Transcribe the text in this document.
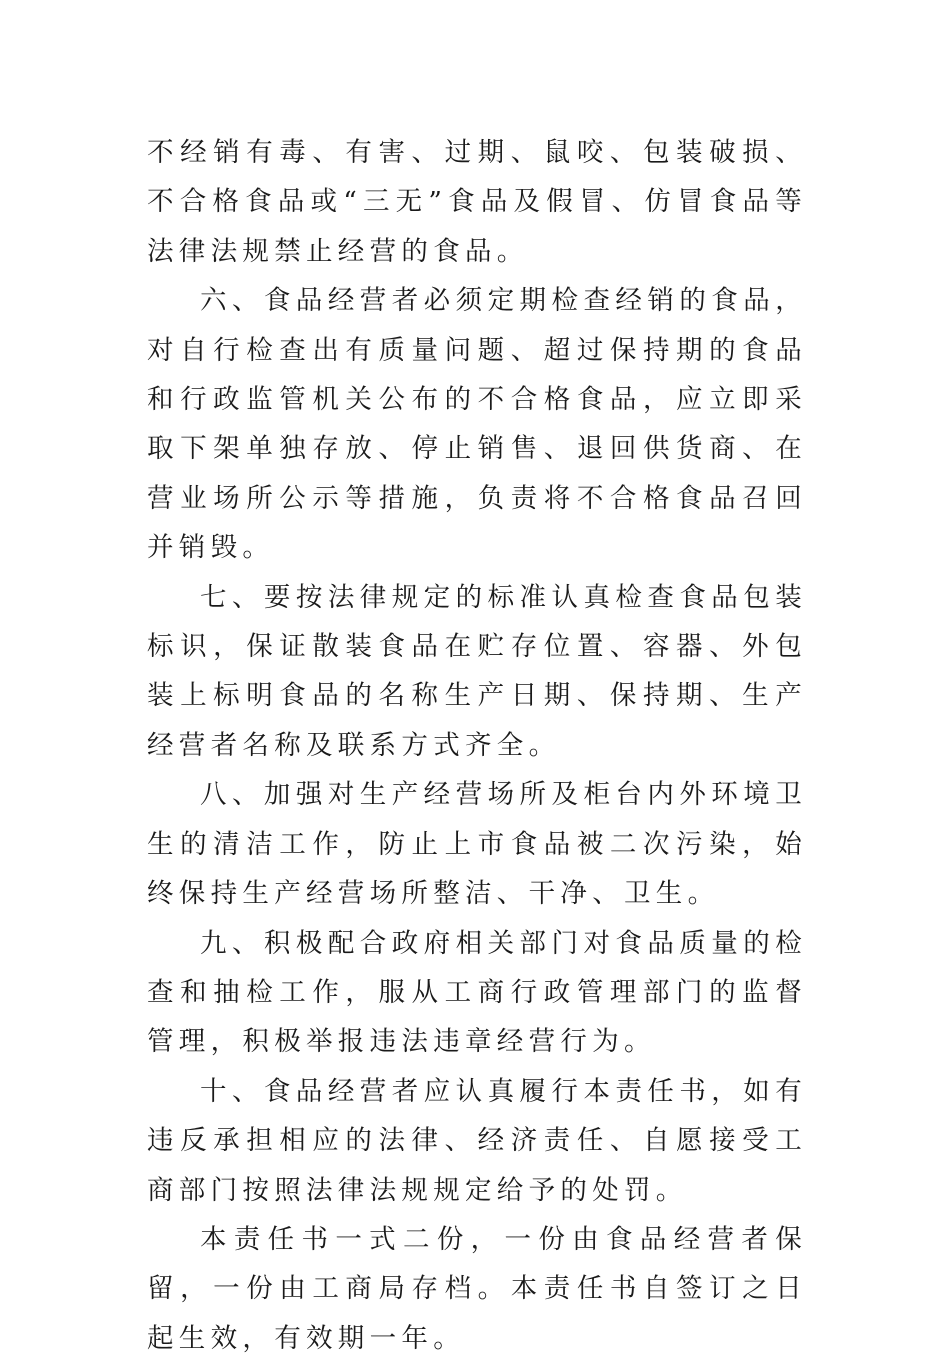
不经销有毒、有害、过期、鼠咬、包装破损、不合格食品或“三无”食品及假冒、仿冒食品等法律法规禁止经营的食品。

六、食品经营者必须定期检查经销的食品，对自行检查出有质量问题、超过保持期的食品和行政监管机关公布的不合格食品，应立即采取下架单独存放、停止销售、退回供货商、在营业场所公示等措施，负责将不合格食品召回并销毁。

七、要按法律规定的标准认真检查食品包装标识，保证散装食品在贮存位置、容器、外包装上标明食品的名称生产日期、保持期、生产经营者名称及联系方式齐全。

八、加强对生产经营场所及柜台内外环境卫生的清洁工作，防止上市食品被二次污染，始终保持生产经营场所整洁、干净、卫生。

九、积极配合政府相关部门对食品质量的检查和抽检工作，服从工商行政管理部门的监督管理，积极举报违法违章经营行为。

十、食品经营者应认真履行本责任书，如有违反承担相应的法律、经济责任、自愿接受工商部门按照法律法规规定给予的处罚。

本责任书一式二份，一份由食品经营者保留，一份由工商局存档。本责任书自签订之日起生效，有效期一年。
